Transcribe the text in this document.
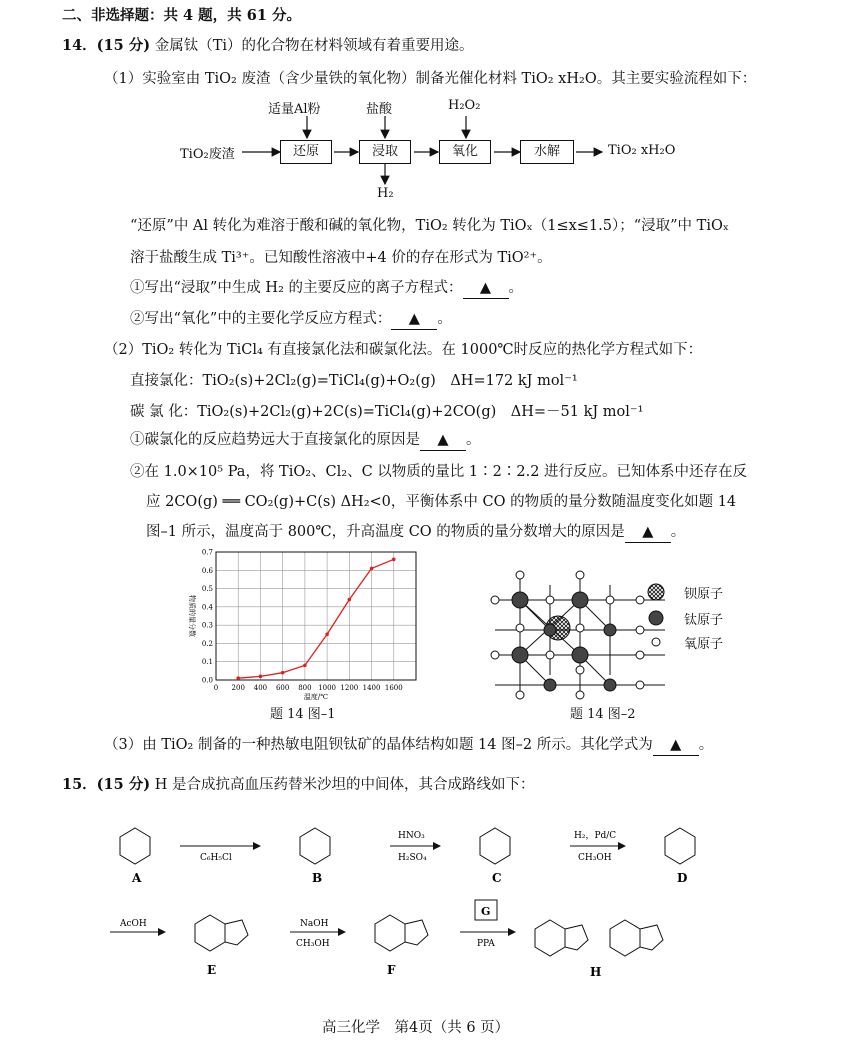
二、非选择题：共 4 题，共 61 分。
14．(15 分) 金属钛（Ti）的化合物在材料领域有着重要用途。
（1）实验室由 TiO₂ 废渣（含少量铁的氧化物）制备光催化材料 TiO₂ xH₂O。其主要实验流程如下：
TiO₂废渣	还原	浸取	氧化	水解	TiO₂ xH₂O
适量Al粉	盐酸	H₂O₂
H₂
“还原”中 Al 转化为难溶于酸和碱的氧化物，TiO₂ 转化为 TiOₓ（1≤x≤1.5）；“浸取”中 TiOₓ
溶于盐酸生成 Ti³⁺。已知酸性溶液中+4 价的存在形式为 TiO²⁺。
①写出“浸取”中生成 H₂ 的主要反应的离子方程式： ▲ 。
②写出“氧化”中的主要化学反应方程式： ▲ 。
（2）TiO₂ 转化为 TiCl₄ 有直接氯化法和碳氯化法。在 1000℃时反应的热化学方程式如下：
直接氯化：TiO₂(s)+2Cl₂(g)=TiCl₄(g)+O₂(g)　ΔH=172 kJ mol⁻¹
碳 氯 化：TiO₂(s)+2Cl₂(g)+2C(s)=TiCl₄(g)+2CO(g)　ΔH=－51 kJ mol⁻¹
①碳氯化的反应趋势远大于直接氯化的原因是 ▲ 。
②在 1.0×10⁵ Pa，将 TiO₂、Cl₂、C 以物质的量比 1∶2∶2.2 进行反应。已知体系中还存在反
应 2CO(g) ══ CO₂(g)+C(s) ΔH₂<0，平衡体系中 CO 的物质的量分数随温度变化如题 14
图–1 所示，温度高于 800℃，升高温度 CO 的物质的量分数增大的原因是 ▲ 。
0 200 400 600 800 1000 1200 1400 1600
0.0
0.1
0.2
0.3
0.4
0.5
0.6
0.7
温度/℃
物质的量分数
题 14 图–1
钡原子
钛原子
氧原子
题 14 图–2
（3）由 TiO₂ 制备的一种热敏电阻钡钛矿的晶体结构如题 14 图–2 所示。其化学式为 ▲ 。
15．(15 分) H 是合成抗高血压药替米沙坦的中间体，其合成路线如下：
A	B	C	D
E	F	H
C₆H₅Cl
HNO₃
H₂SO₄
H₂，Pd/C
CH₃OH
AcOH	NaOH
CH₃OH
G
PPA
高三化学　第4页（共 6 页）
